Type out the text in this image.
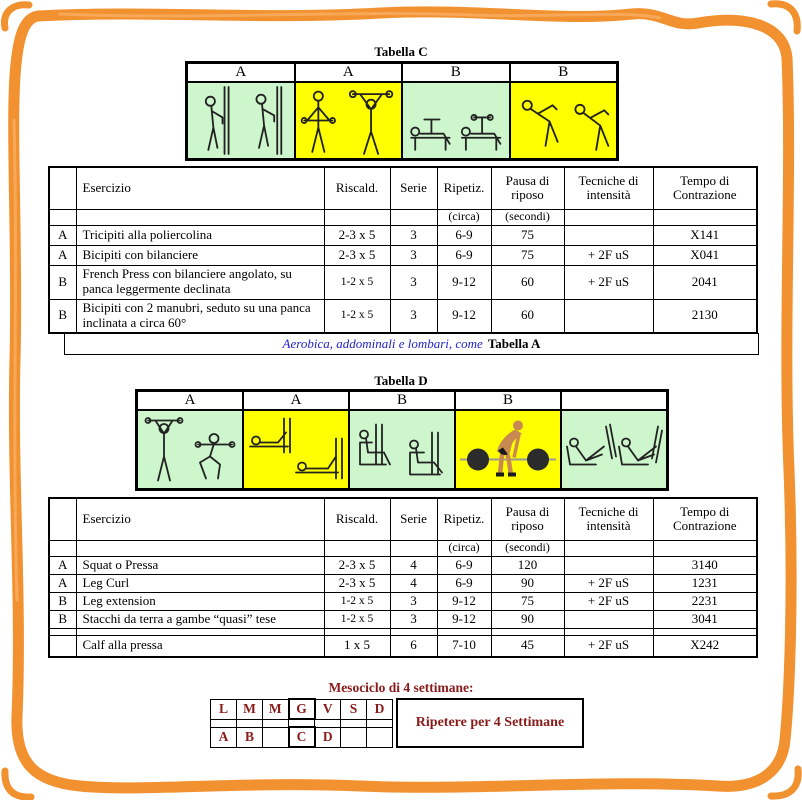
Tabella C
A	A	B	B
	Esercizio	Riscald.	Serie	Ripetiz.	Pausa di riposo	Tecniche di intensità	Tempo di Contrazione
				(circa)	(secondi)		
A	Tricipiti alla poliercolina	2-3 x 5	3	6-9	75		X141
A	Bicipiti con bilanciere	2-3 x 5	3	6-9	75	+ 2F uS	X041
B	French Press con bilanciere angolato, su panca leggermente declinata	1-2 x 5	3	9-12	60	+ 2F uS	2041
B	Bicipiti con 2 manubri, seduto su una panca inclinata a circa 60°	1-2 x 5	3	9-12	60		2130
Aerobica, addominali e lombari, come Tabella A
Tabella D
A	A	B	B
	Esercizio	Riscald.	Serie	Ripetiz.	Pausa di riposo	Tecniche di intensità	Tempo di Contrazione
				(circa)	(secondi)		
A	Squat o Pressa	2-3 x 5	4	6-9	120		3140
A	Leg Curl	2-3 x 5	4	6-9	90	+ 2F uS	1231
B	Leg extension	1-2 x 5	3	9-12	75	+ 2F uS	2231
B	Stacchi da terra a gambe “quasi” tese	1-2 x 5	3	9-12	90		3041

	Calf alla pressa	1 x 5	6	7-10	45	+ 2F uS	X242
Mesociclo di 4 settimane:
L	M	M	G	V	S	D

A	B		C	D		
Ripetere per 4 Settimane
